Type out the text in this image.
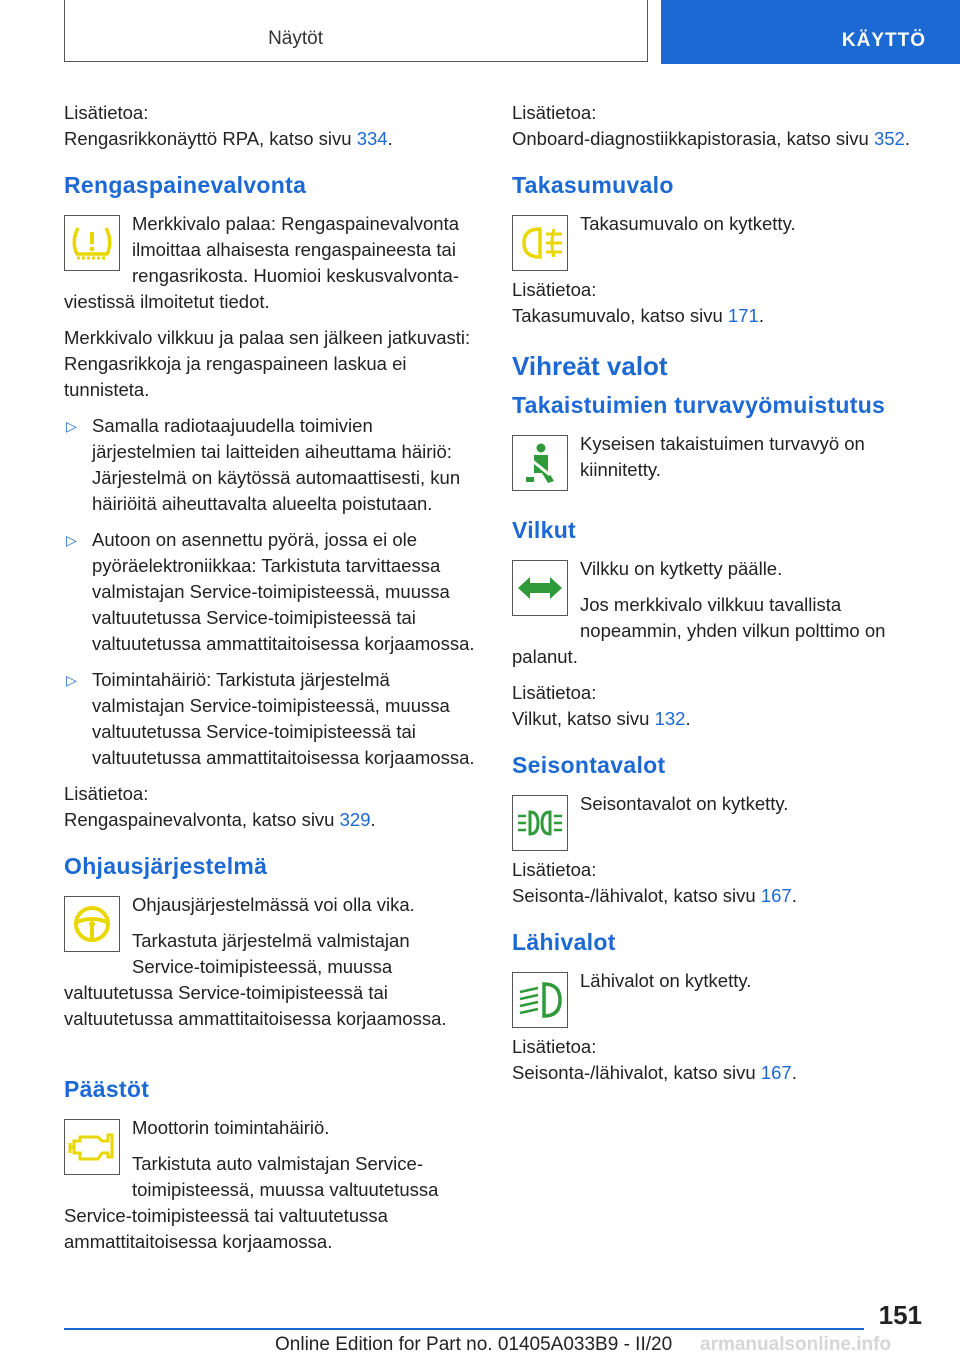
Näytöt	KÄYTTÖ

Lisätietoa:

Rengasrikkonäyttö RPA, katso sivu 334.

Rengaspainevalvonta

Merkkivalo palaa: Rengaspainevalvonta ilmoittaa alhaisesta rengaspaineesta tai rengasrikosta. Huomioi keskusvalvonta-viestissä ilmoitetut tiedot.

Merkkivalo vilkkuu ja palaa sen jälkeen jatkuvasti: Rengasrikkoja ja rengaspaineen laskua ei tunnisteta.

▷ Samalla radiotaajuudella toimivien järjestelmien tai laitteiden aiheuttama häiriö: Järjestelmä on käytössä automaattisesti, kun häiriöitä aiheuttavalta alueelta poistutaan.
▷ Autoon on asennettu pyörä, jossa ei ole pyöräelektroniikkaa: Tarkistuta tarvittaessa valmistajan Service-toimipisteessä, muussa valtuutetussa Service-toimipisteessä tai valtuutetussa ammattitaitoisessa korjaamossa.
▷ Toimintahäiriö: Tarkistuta järjestelmä valmistajan Service-toimipisteessä, muussa valtuutetussa Service-toimipisteessä tai valtuutetussa ammattitaitoisessa korjaamossa.

Lisätietoa:

Rengaspainevalvonta, katso sivu 329.

Ohjausjärjestelmä

Ohjausjärjestelmässä voi olla vika.

Tarkastuta järjestelmä valmistajan Service-toimipisteessä, muussa valtuutetussa Service-toimipisteessä tai valtuutetussa ammattitaitoisessa korjaamossa.

Päästöt

Moottorin toimintahäiriö.

Tarkistuta auto valmistajan Service-toimipisteessä, muussa valtuutetussa Service-toimipisteessä tai valtuutetussa ammattitaitoisessa korjaamossa.

Lisätietoa:

Onboard-diagnostiikkapistorasia, katso sivu 352.

Takasumuvalo

Takasumuvalo on kytketty.

Lisätietoa:

Takasumuvalo, katso sivu 171.

Vihreät valot
Takaistuimien turvavyömuistutus

Kyseisen takaistuimen turvavyö on kiinnitetty.

Vilkut

Vilkku on kytketty päälle.

Jos merkkivalo vilkkuu tavallista nopeammin, yhden vilkun polttimo on palanut.

Lisätietoa:

Vilkut, katso sivu 132.

Seisontavalot

Seisontavalot on kytketty.

Lisätietoa:

Seisonta-/lähivalot, katso sivu 167.

Lähivalot

Lähivalot on kytketty.

Lisätietoa:

Seisonta-/lähivalot, katso sivu 167.

151
Online Edition for Part no. 01405A033B9 - II/20 armanualsonline.info
